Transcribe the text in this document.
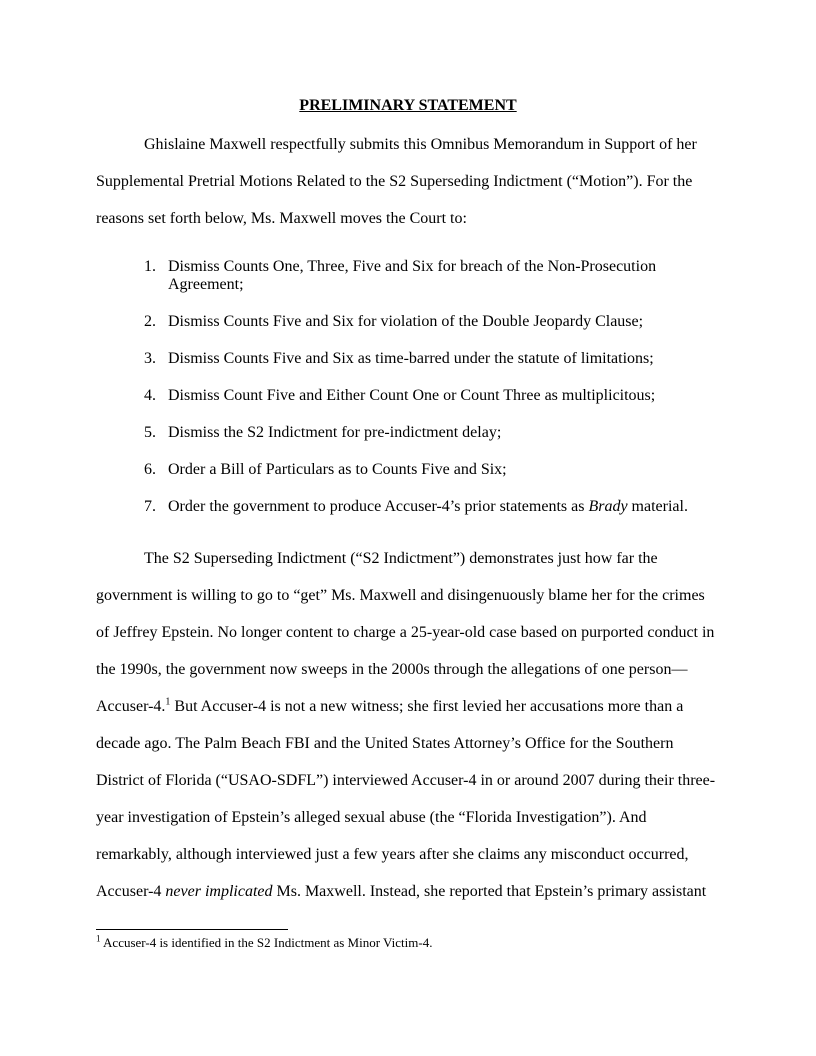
PRELIMINARY STATEMENT

Ghislaine Maxwell respectfully submits this Omnibus Memorandum in Support of her Supplemental Pretrial Motions Related to the S2 Superseding Indictment (“Motion”). For the reasons set forth below, Ms. Maxwell moves the Court to:

1. Dismiss Counts One, Three, Five and Six for breach of the Non-Prosecution Agreement;
2. Dismiss Counts Five and Six for violation of the Double Jeopardy Clause;
3. Dismiss Counts Five and Six as time-barred under the statute of limitations;
4. Dismiss Count Five and Either Count One or Count Three as multiplicitous;
5. Dismiss the S2 Indictment for pre-indictment delay;
6. Order a Bill of Particulars as to Counts Five and Six;
7. Order the government to produce Accuser-4’s prior statements as Brady material.

The S2 Superseding Indictment (“S2 Indictment”) demonstrates just how far the government is willing to go to “get” Ms. Maxwell and disingenuously blame her for the crimes of Jeffrey Epstein. No longer content to charge a 25-year-old case based on purported conduct in the 1990s, the government now sweeps in the 2000s through the allegations of one person—Accuser-4.$^1$ But Accuser-4 is not a new witness; she first levied her accusations more than a decade ago. The Palm Beach FBI and the United States Attorney’s Office for the Southern District of Florida (“USAO-SDFL”) interviewed Accuser-4 in or around 2007 during their three-year investigation of Epstein’s alleged sexual abuse (the “Florida Investigation”). And remarkably, although interviewed just a few years after she claims any misconduct occurred, Accuser-4 never implicated Ms. Maxwell. Instead, she reported that Epstein’s primary assistant

$^1$ Accuser-4 is identified in the S2 Indictment as Minor Victim-4.
